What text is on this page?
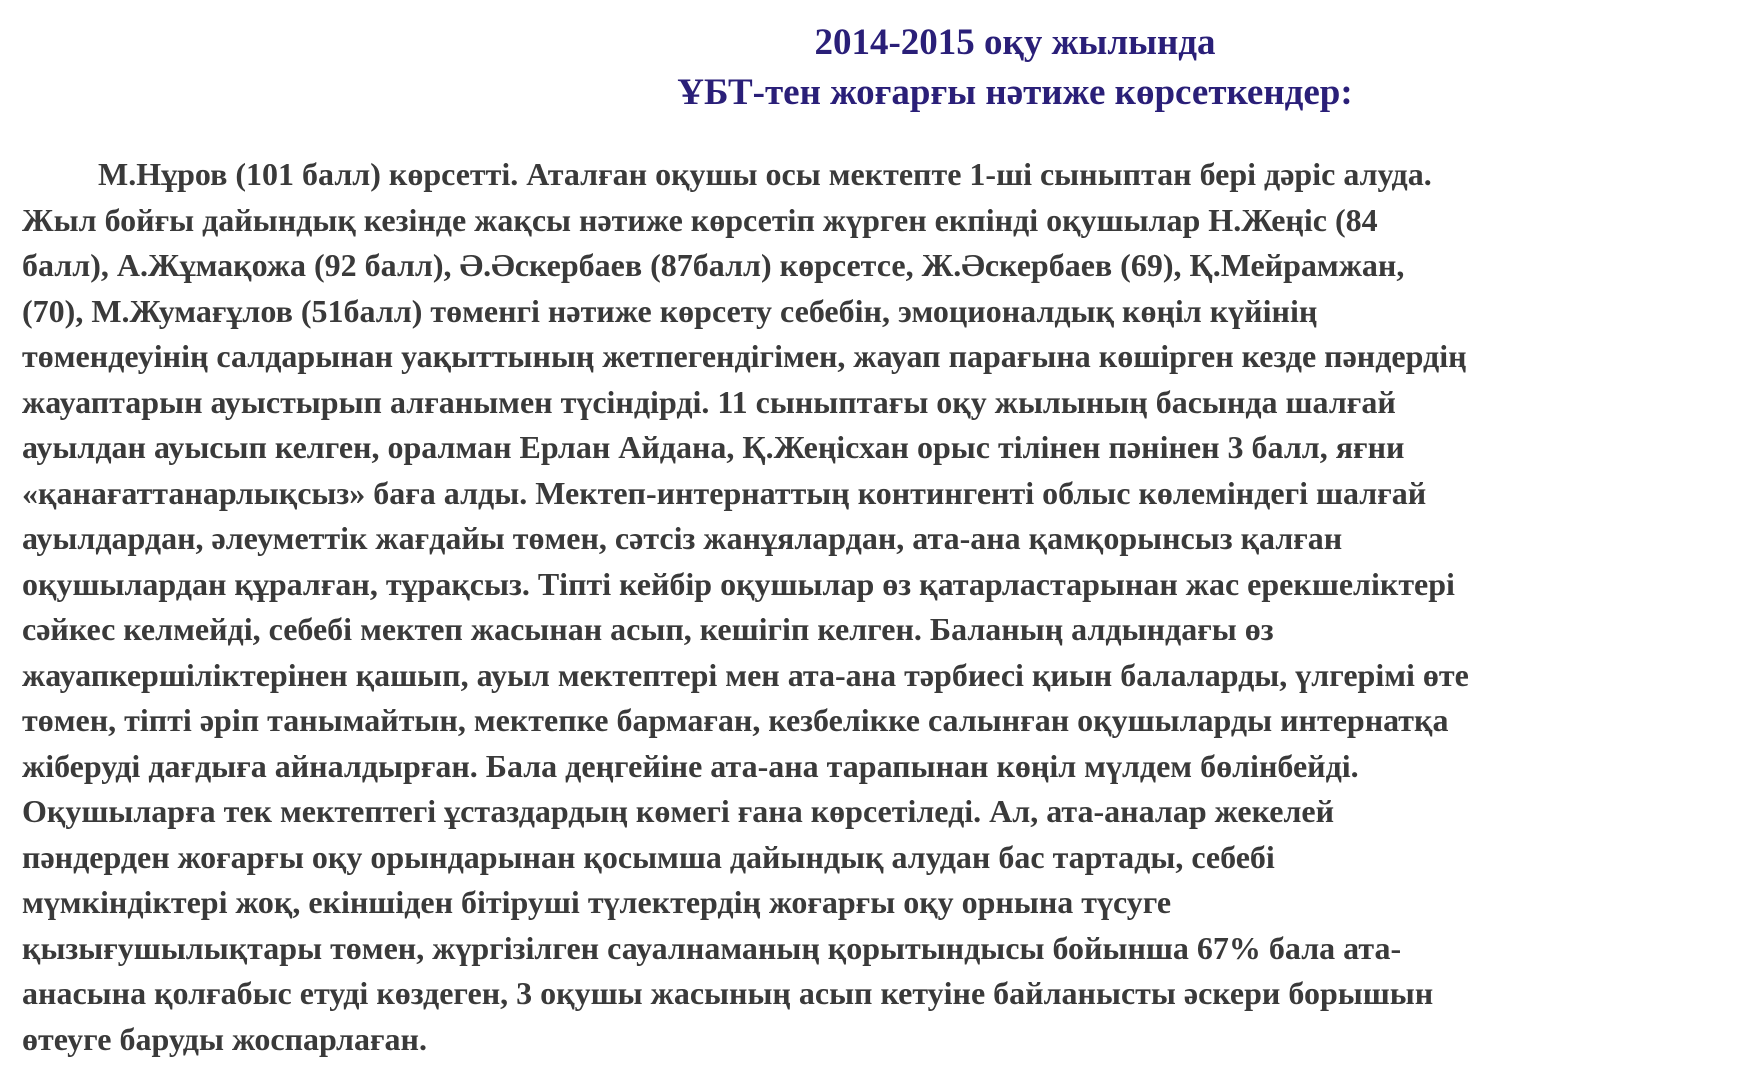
2014-2015 оқу жылында
ҰБТ-тен жоғарғы нәтиже көрсеткендер:
М.Нұров (101 балл) көрсетті. Аталған оқушы осы мектепте 1-ші сыныптан бері дәріс алуда.
Жыл бойғы дайындық кезінде жақсы нәтиже көрсетіп жүрген екпінді оқушылар Н.Жеңіс (84
балл), А.Жұмақожа (92 балл), Ә.Әскербаев (87балл) көрсетсе, Ж.Әскербаев (69), Қ.Мейрамжан,
(70), М.Жумағұлов (51балл) төменгі нәтиже көрсету себебін, эмоционалдық көңіл күйінің
төмендеуінің салдарынан уақыттының жетпегендігімен, жауап парағына көшірген кезде пәндердің
жауаптарын ауыстырып алғанымен түсіндірді. 11 сыныптағы оқу жылының басында шалғай
ауылдан ауысып келген, оралман Ерлан Айдана, Қ.Жеңісхан орыс тілінен пәнінен 3 балл, яғни
«қанағаттанарлықсыз» баға алды. Мектеп-интернаттың контингенті облыс көлеміндегі шалғай
ауылдардан, әлеуметтік жағдайы төмен, сәтсіз жанұялардан, ата-ана қамқорынсыз қалған
оқушылардан құралған, тұрақсыз. Тіпті кейбір оқушылар өз қатарластарынан жас ерекшеліктері
сәйкес келмейді, себебі мектеп жасынан асып, кешігіп келген. Баланың алдындағы өз
жауапкершіліктерінен қашып, ауыл мектептері мен ата-ана тәрбиесі қиын балаларды, үлгерімі өте
төмен, тіпті әріп танымайтын, мектепке бармаған, кезбелікке салынған оқушыларды интернатқа
жіберуді дағдыға айналдырған. Бала деңгейіне ата-ана тарапынан көңіл мүлдем бөлінбейді.
Оқушыларға тек мектептегі ұстаздардың көмегі ғана көрсетіледі. Ал, ата-аналар жекелей
пәндерден жоғарғы оқу орындарынан қосымша дайындық алудан бас тартады, себебі
мүмкіндіктері жоқ, екіншіден бітіруші түлектердің жоғарғы оқу орнына түсуге
қызығушылықтары төмен, жүргізілген сауалнаманың қорытындысы бойынша 67% бала ата-
анасына қолғабыс етуді көздеген, 3 оқушы жасының асып кетуіне байланысты әскери борышын
өтеуге баруды жоспарлаған.
